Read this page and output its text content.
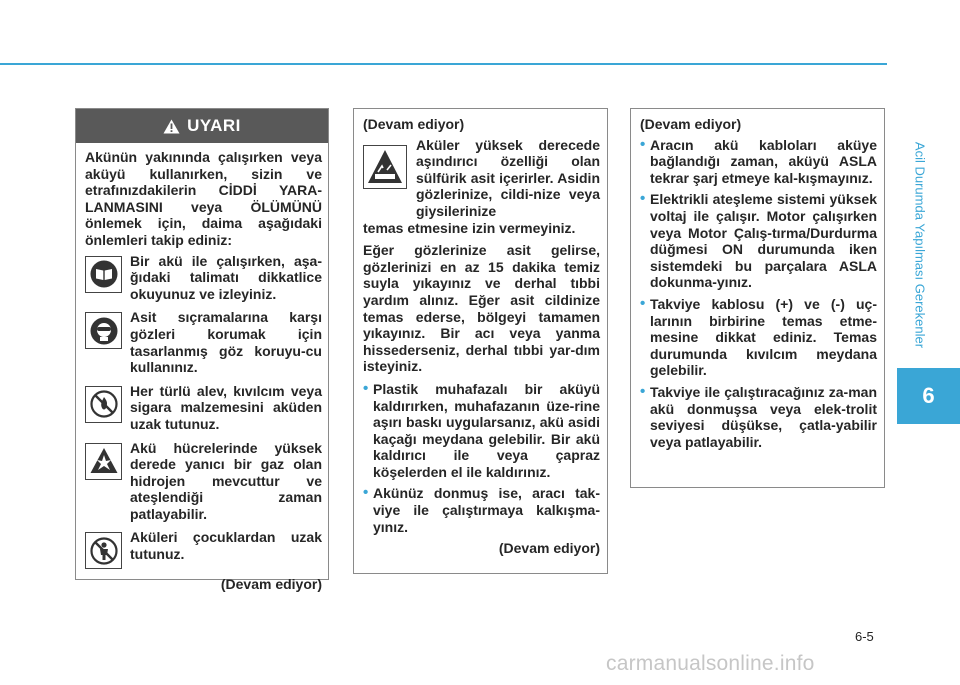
Acil Durumda Yapılması Gerekenler
6
UYARI

Akünün yakınında çalışırken veya aküyü kullanırken, sizin ve etrafınızdakilerin CİDDİ YARA-LANMASINI veya ÖLÜMÜNÜ önlemek için, daima aşağıdaki önlemleri takip ediniz:

Bir akü ile çalışırken, aşa-ğıdaki talimatı dikkatlice okuyunuz ve izleyiniz.
Asit sıçramalarına karşı gözleri korumak için tasarlanmış göz koruyu-cu kullanınız.
Her türlü alev, kıvılcım veya sigara malzemesini aküden uzak tutunuz.
Akü hücrelerinde yüksek derede yanıcı bir gaz olan hidrojen mevcuttur ve ateşlendiği zaman patlayabilir.
Aküleri çocuklardan uzak tutunuz.
(Devam ediyor)
(Devam ediyor)
Aküler yüksek derecede aşındırıcı özelliği olan sülfürik asit içerirler. Asidin gözlerinize, cildi-nize veya giysilerinize

temas etmesine izin vermeyiniz.

Eğer gözlerinize asit gelirse, gözlerinizi en az 15 dakika temiz suyla yıkayınız ve derhal tıbbi yardım alınız. Eğer asit cildinize temas ederse, bölgeyi tamamen yıkayınız. Bir acı veya yanma hissederseniz, derhal tıbbi yar-dım isteyiniz.

• Plastik muhafazalı bir aküyü kaldırırken, muhafazanın üze-rine aşırı baskı uygularsanız, akü asidi kaçağı meydana gelebilir. Bir akü kaldırıcı ile veya çapraz köşelerden el ile kaldırınız.
• Akünüz donmuş ise, aracı tak-viye ile çalıştırmaya kalkışma-yınız.
(Devam ediyor)
(Devam ediyor)
• Aracın akü kabloları aküye bağlandığı zaman, aküyü ASLA tekrar şarj etmeye kal-kışmayınız.
• Elektrikli ateşleme sistemi yüksek voltaj ile çalışır. Motor çalışırken veya Motor Çalış-tırma/Durdurma düğmesi ON durumunda iken sistemdeki bu parçalara ASLA dokunma-yınız.
• Takviye kablosu (+) ve (-) uç-larının birbirine temas etme-mesine dikkat ediniz. Temas durumunda kıvılcım meydana gelebilir.
• Takviye ile çalıştıracağınız za-man akü donmuşsa veya elek-trolit seviyesi düşükse, çatla-yabilir veya patlayabilir.
6-5
carmanualsonline.info
